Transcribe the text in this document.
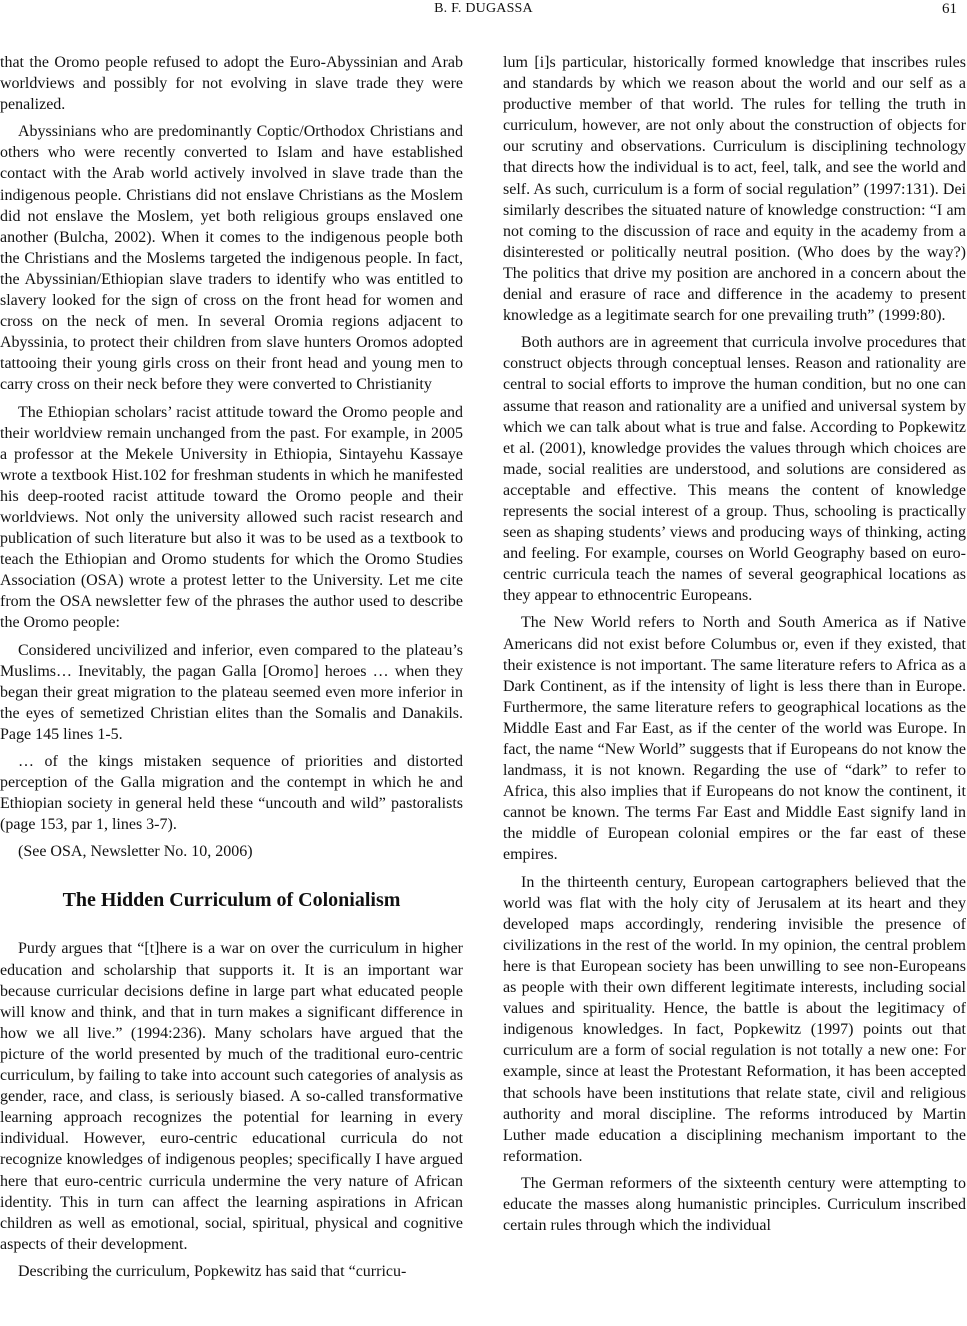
B. F. DUGASSA	61

that the Oromo people refused to adopt the Euro-Abyssinian and Arab worldviews and possibly for not evolving in slave trade they were penalized.

Abyssinians who are predominantly Coptic/Orthodox Christians and others who were recently converted to Islam and have established contact with the Arab world actively involved in slave trade than the indigenous people. Christians did not enslave Christians as the Moslem did not enslave the Moslem, yet both religious groups enslaved one another (Bulcha, 2002). When it comes to the indigenous people both the Christians and the Moslems targeted the indigenous people. In fact, the Abyssinian/Ethiopian slave traders to identify who was entitled to slavery looked for the sign of cross on the front head for women and cross on the neck of men. In several Oromia regions adjacent to Abyssinia, to protect their children from slave hunters Oromos adopted tattooing their young girls cross on their front head and young men to carry cross on their neck before they were converted to Christianity

The Ethiopian scholars’ racist attitude toward the Oromo people and their worldview remain unchanged from the past. For example, in 2005 a professor at the Mekele University in Ethiopia, Sintayehu Kassaye wrote a textbook Hist.102 for freshman students in which he manifested his deep-rooted racist attitude toward the Oromo people and their worldviews. Not only the university allowed such racist research and publication of such literature but also it was to be used as a textbook to teach the Ethiopian and Oromo students for which the Oromo Studies Association (OSA) wrote a protest letter to the University. Let me cite from the OSA newsletter few of the phrases the author used to describe the Oromo people:

Considered uncivilized and inferior, even compared to the plateau’s Muslims… Inevitably, the pagan Galla [Oromo] heroes … when they began their great migration to the plateau seemed even more inferior in the eyes of semetized Christian elites than the Somalis and Danakils. Page 145 lines 1-5.

… of the kings mistaken sequence of priorities and distorted perception of the Galla migration and the contempt in which he and Ethiopian society in general held these “uncouth and wild” pastoralists (page 153, par 1, lines 3-7).

(See OSA, Newsletter No. 10, 2006)

The Hidden Curriculum of Colonialism

Purdy argues that “[t]here is a war on over the curriculum in higher education and scholarship that supports it. It is an important war because curricular decisions define in large part what educated people will know and think, and that in turn makes a significant difference in how we all live.” (1994:236). Many scholars have argued that the picture of the world presented by much of the traditional euro-centric curriculum, by failing to take into account such categories of analysis as gender, race, and class, is seriously biased. A so-called transformative learning approach recognizes the potential for learning in every individual. However, euro-centric educational curricula do not recognize knowledges of indigenous peoples; specifically I have argued here that euro-centric curricula undermine the very nature of African identity. This in turn can affect the learning aspirations in African children as well as emotional, social, spiritual, physical and cognitive aspects of their development.

Describing the curriculum, Popkewitz has said that “curricu-

lum [i]s particular, historically formed knowledge that inscribes rules and standards by which we reason about the world and our self as a productive member of that world. The rules for telling the truth in curriculum, however, are not only about the construction of objects for our scrutiny and observations. Curriculum is disciplining technology that directs how the individual is to act, feel, talk, and see the world and self. As such, curriculum is a form of social regulation” (1997:131). Dei similarly describes the situated nature of knowledge construction: “I am not coming to the discussion of race and equity in the academy from a disinterested or politically neutral position. (Who does by the way?) The politics that drive my position are anchored in a concern about the denial and erasure of race and difference in the academy to present knowledge as a legitimate search for one prevailing truth” (1999:80).

Both authors are in agreement that curricula involve procedures that construct objects through conceptual lenses. Reason and rationality are central to social efforts to improve the human condition, but no one can assume that reason and rationality are a unified and universal system by which we can talk about what is true and false. According to Popkewitz et al. (2001), knowledge provides the values through which choices are made, social realities are understood, and solutions are considered as acceptable and effective. This means the content of knowledge represents the social interest of a group. Thus, schooling is practically seen as shaping students’ views and producing ways of thinking, acting and feeling. For example, courses on World Geography based on euro-centric curricula teach the names of several geographical locations as they appear to ethnocentric Europeans.

The New World refers to North and South America as if Native Americans did not exist before Columbus or, even if they existed, that their existence is not important. The same literature refers to Africa as a Dark Continent, as if the intensity of light is less there than in Europe. Furthermore, the same literature refers to geographical locations as the Middle East and Far East, as if the center of the world was Europe. In fact, the name “New World” suggests that if Europeans do not know the landmass, it is not known. Regarding the use of “dark” to refer to Africa, this also implies that if Europeans do not know the continent, it cannot be known. The terms Far East and Middle East signify land in the middle of European colonial empires or the far east of these empires.

In the thirteenth century, European cartographers believed that the world was flat with the holy city of Jerusalem at its heart and they developed maps accordingly, rendering invisible the presence of civilizations in the rest of the world. In my opinion, the central problem here is that European society has been unwilling to see non-Europeans as people with their own different legitimate interests, including social values and spirituality. Hence, the battle is about the legitimacy of indigenous knowledges. In fact, Popkewitz (1997) points out that curriculum are a form of social regulation is not totally a new one: For example, since at least the Protestant Reformation, it has been accepted that schools have been institutions that relate state, civil and religious authority and moral discipline. The reforms introduced by Martin Luther made education a disciplining mechanism important to the reformation.

The German reformers of the sixteenth century were attempting to educate the masses along humanistic principles. Curriculum inscribed certain rules through which the individual
